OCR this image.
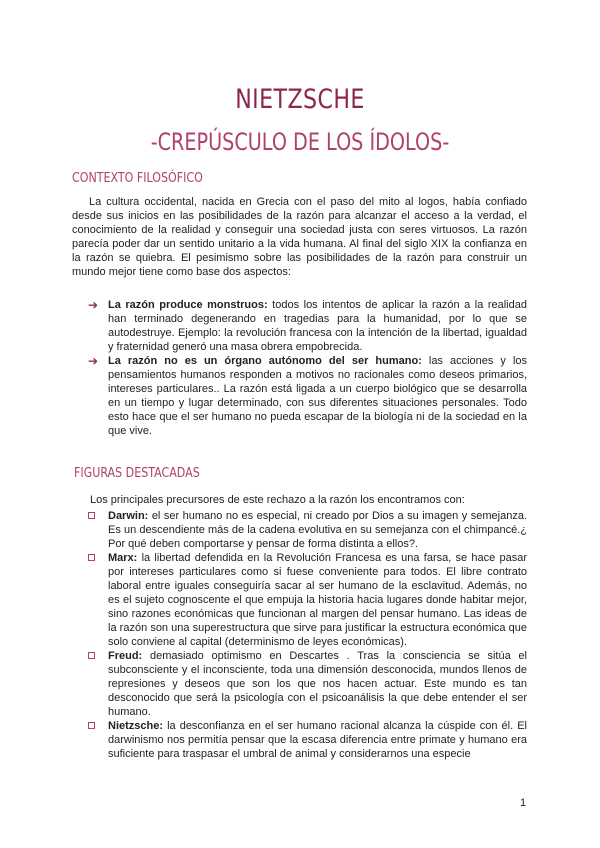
NIETZSCHE
-CREPÚSCULO DE LOS ÍDOLOS-
CONTEXTO FILOSÓFICO

La cultura occidental, nacida en Grecia con el paso del mito al logos, había confiado desde sus inicios en las posibilidades de la razón para alcanzar el acceso a la verdad, el conocimiento de la realidad y conseguir una sociedad justa con seres virtuosos. La razón parecía poder dar un sentido unitario a la vida humana. Al final del siglo XIX la confianza en la razón se quiebra. El pesimismo sobre las posibilidades de la razón para construir un mundo mejor tiene como base dos aspectos:

➔ La razón produce monstruos: todos los intentos de aplicar la razón a la realidad han terminado degenerando en tragedias para la humanidad, por lo que se autodestruye. Ejemplo: la revolución francesa con la intención de la libertad, igualdad y fraternidad generó una masa obrera empobrecida.
➔ La razón no es un órgano autónomo del ser humano: las acciones y los pensamientos humanos responden a motivos no racionales como deseos primarios, intereses particulares.. La razón está ligada a un cuerpo biológico que se desarrolla en un tiempo y lugar determinado, con sus diferentes situaciones personales. Todo esto hace que el ser humano no pueda escapar de la biología ni de la sociedad en la que vive.
FIGURAS DESTACADAS

Los principales precursores de este rechazo a la razón los encontramos con:

Darwin: el ser humano no es especial, ni creado por Dios a su imagen y semejanza. Es un descendiente más de la cadena evolutiva en su semejanza con el chimpancé.¿ Por qué deben comportarse y pensar de forma distinta a ellos?.
Marx: la libertad defendida en la Revolución Francesa es una farsa, se hace pasar por intereses particulares como si fuese conveniente para todos. El libre contrato laboral entre iguales conseguiría sacar al ser humano de la esclavitud. Además, no es el sujeto cognoscente el que empuja la historia hacia lugares donde habitar mejor, sino razones económicas que funcionan al margen del pensar humano. Las ideas de la razón son una superestructura que sirve para justificar la estructura económica que solo conviene al capital (determinismo de leyes económicas).
Freud: demasiado optimismo en Descartes . Tras la consciencia se sitúa el subconsciente y el inconsciente, toda una dimensión desconocida, mundos llenos de represiones y deseos que son los que nos hacen actuar. Este mundo es tan desconocido que será la psicología con el psicoanálisis la que debe entender el ser humano.
Nietzsche: la desconfianza en el ser humano racional alcanza la cúspide con él. El darwinismo nos permitía pensar que la escasa diferencia entre primate y humano era suficiente para traspasar el umbral de animal y considerarnos una especie
1
